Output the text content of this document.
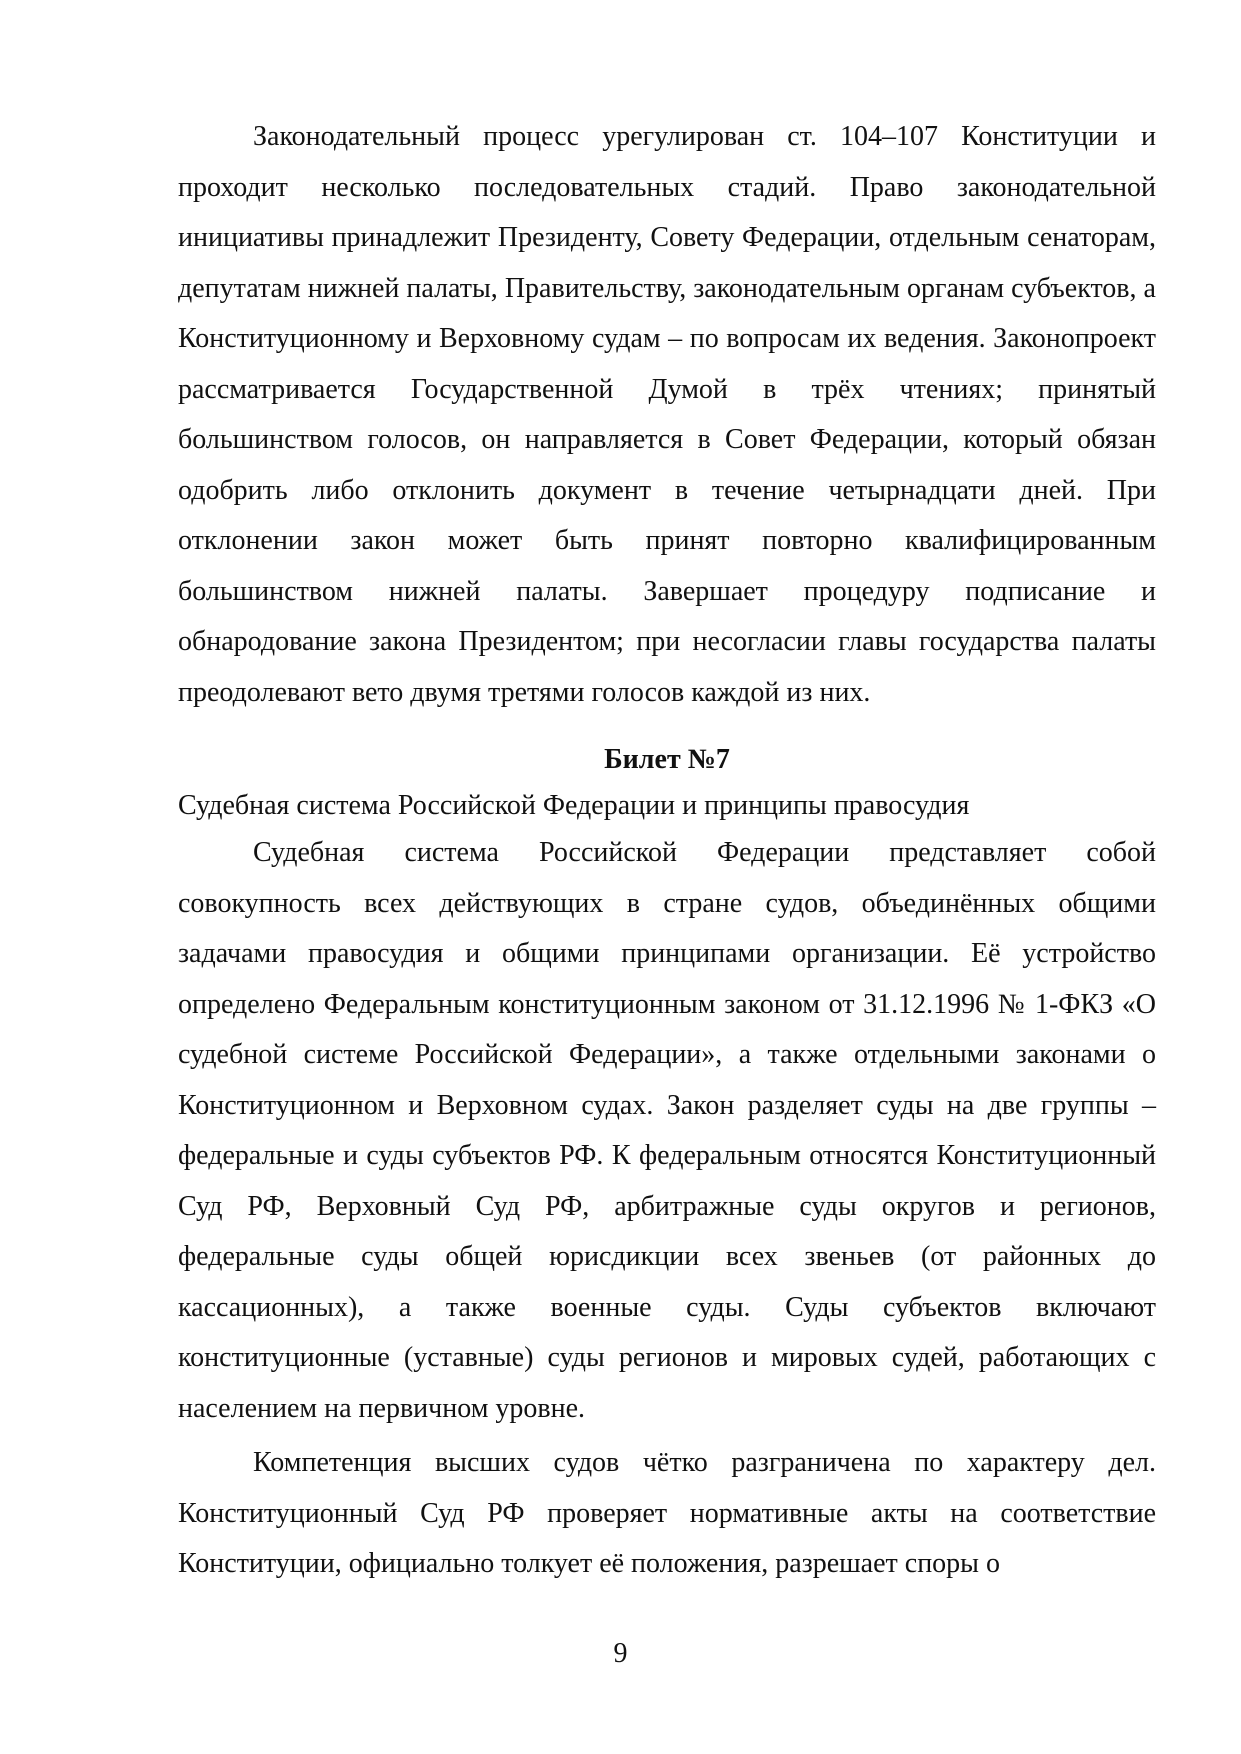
Законодательный процесс урегулирован ст. 104–107 Конституции и проходит несколько последовательных стадий. Право законодательной инициативы принадлежит Президенту, Совету Федерации, отдельным сенаторам, депутатам нижней палаты, Правительству, законодательным органам субъектов, а Конституционному и Верховному судам – по вопросам их ведения. Законопроект рассматривается Государственной Думой в трёх чтениях; принятый большинством голосов, он направляется в Совет Федерации, который обязан одобрить либо отклонить документ в течение четырнадцати дней. При отклонении закон может быть принят повторно квалифицированным большинством нижней палаты. Завершает процедуру подписание и обнародование закона Президентом; при несогласии главы государства палаты преодолевают вето двумя третями голосов каждой из них.

Билет №7

Судебная система Российской Федерации и принципы правосудия

Судебная система Российской Федерации представляет собой совокупность всех действующих в стране судов, объединённых общими задачами правосудия и общими принципами организации. Её устройство определено Федеральным конституционным законом от 31.12.1996 № 1-ФКЗ «О судебной системе Российской Федерации», а также отдельными законами о Конституционном и Верховном судах. Закон разделяет суды на две группы – федеральные и суды субъектов РФ. К федеральным относятся Конституционный Суд РФ, Верховный Суд РФ, арбитражные суды округов и регионов, федеральные суды общей юрисдикции всех звеньев (от районных до кассационных), а также военные суды. Суды субъектов включают конституционные (уставные) суды регионов и мировых судей, работающих с населением на первичном уровне.

Компетенция высших судов чётко разграничена по характеру дел. Конституционный Суд РФ проверяет нормативные акты на соответствие Конституции, официально толкует её положения, разрешает споры о

9
